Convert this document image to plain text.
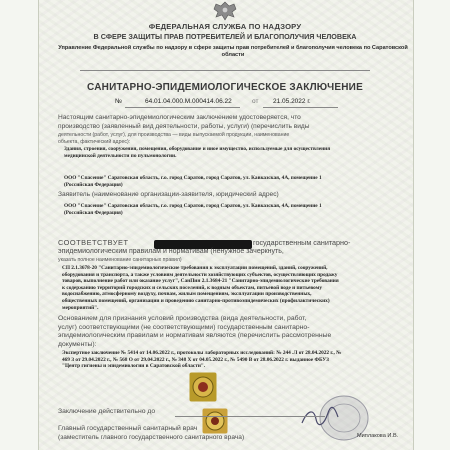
ФЕДЕРАЛЬНАЯ СЛУЖБА ПО НАДЗОРУ
В СФЕРЕ ЗАЩИТЫ ПРАВ ПОТРЕБИТЕЛЕЙ И БЛАГОПОЛУЧИЯ ЧЕЛОВЕКА
Управление Федеральной службы по надзору в сфере защиты прав потребителей и благополучия человека по Саратовской области
САНИТАРНО-ЭПИДЕМИОЛОГИЧЕСКОЕ ЗАКЛЮЧЕНИЕ
№	64.01.04.000.М.000414.06.22	от 21.05.2022 г.
Настоящим санитарно-эпидемиологическим заключением удостоверяется, что
производство (заявленный вид деятельности, работы, услуги) (перечислить виды
деятельности (работ, услуг), для производства — виды выпускаемой продукции, наименование
объекта, фактический адрес):
Здания, строения, сооружения, помещения, оборудование и иное имущество, используемые для осуществления
медицинской деятельности по пульмонологии.
ООО "Спасение" Саратовская область, г.о. город Саратов, город Саратов, ул. Кавказская, 4А, помещение 1
(Российская Федерация)
Заявитель (наименование организации-заявителя, юридический адрес)
ООО "Спасение" Саратовская область, г.о. город Саратов, город Саратов, ул. Кавказская, 4А, помещение 1
(Российская Федерация)
СООТВЕТСТВУЕТ	государственным санитарно-
эпидемиологическим правилам и нормативам (ненужное зачеркнуть,
указать полное наименование санитарных правил)
СП 2.1.3678-20 "Санитарно-эпидемиологические требования к эксплуатации помещений, зданий, сооружений,
оборудования и транспорта, а также условиям деятельности хозяйствующих субъектов, осуществляющих продажу
товаров, выполнение работ или оказание услуг", СанПин 2.1.3684-21 "Санитарно-эпидемиологические требования
к содержанию территорий городских и сельских поселений, к водным объектам, питьевой воде и питьевому
водоснабжению, атмосферному воздуху, почвам, жилым помещениям, эксплуатации производственных,
общественных помещений, организации и проведению санитарно-противоэпидемических (профилактических)
мероприятий".
Основанием для признания условий производства (вида деятельности, работ,
услуг) соответствующими (не соответствующими) государственным санитарно-
эпидемиологическим правилам и нормативам являются (перечислить рассмотренные
документы):
Экспертное заключение № 5414 от 14.06.2022 г., протоколы лабораторных исследований: № 244 .Л от 28.04.2022 г., №
469 З от 29.04.2022 г., № 568 О от 29.04.2022 г., № 348 Х от 04.05.2022 г., № 5490 В от 28.06.2022 г. выданное ФБУЗ
"Центр гигиены и эпидемиологии в Саратовской области".
Заключение действительно до
Главный государственный санитарный врач
(заместитель главного государственного санитарного врача)	Миплакова И.В.
